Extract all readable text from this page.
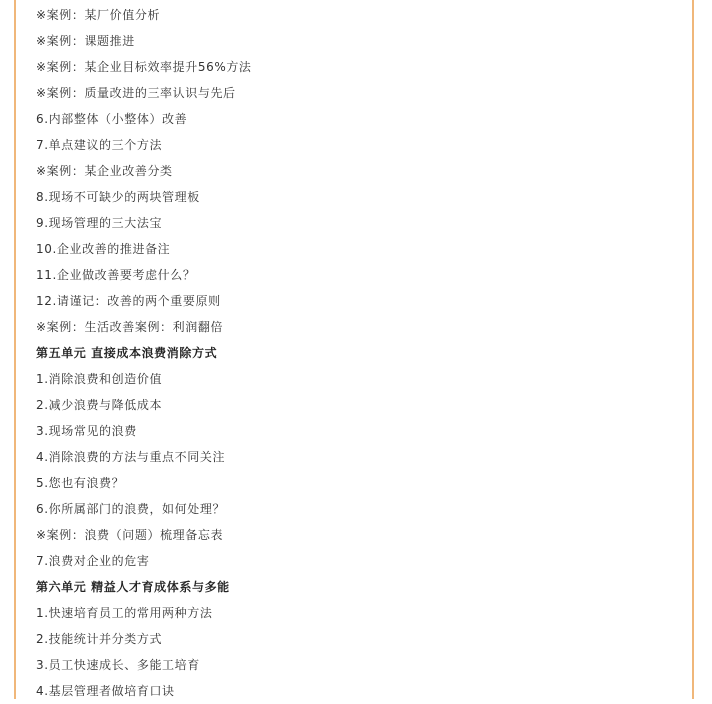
※案例：某厂价值分析
※案例：课题推进
※案例：某企业目标效率提升56%方法
※案例：质量改进的三率认识与先后
6.内部整体（小整体）改善
7.单点建议的三个方法
※案例：某企业改善分类
8.现场不可缺少的两块管理板
9.现场管理的三大法宝
10.企业改善的推进备注
11.企业做改善要考虑什么？
12.请谨记：改善的两个重要原则
※案例：生活改善案例：利润翻倍
第五单元 直接成本浪费消除方式
1.消除浪费和创造价值
2.减少浪费与降低成本
3.现场常见的浪费
4.消除浪费的方法与重点不同关注
5.您也有浪费？
6.你所属部门的浪费，如何处理？
※案例：浪费（问题）梳理备忘表
7.浪费对企业的危害
第六单元 精益人才育成体系与多能
1.快速培育员工的常用两种方法
2.技能统计并分类方式
3.员工快速成长、多能工培育
4.基层管理者做培育口诀
